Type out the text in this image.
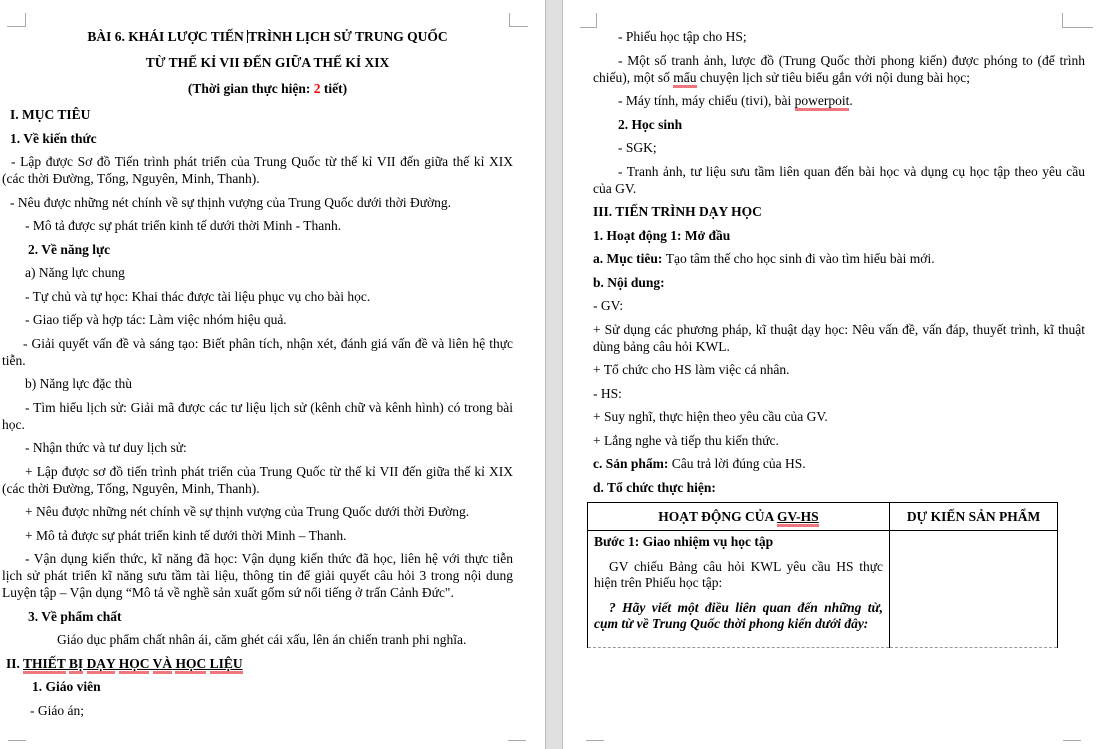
BÀI 6. KHÁI LƯỢC TIẾN TRÌNH LỊCH SỬ TRUNG QUỐC
TỪ THẾ KỈ VII ĐẾN GIỮA THẾ KỈ XIX
(Thời gian thực hiện: 2 tiết)
I. MỤC TIÊU
1. Về kiến thức
- Lập được Sơ đồ Tiến trình phát triển của Trung Quốc từ thế kỉ VII đến giữa thế kỉ XIX (các thời Đường, Tống, Nguyên, Minh, Thanh).
- Nêu được những nét chính về sự thịnh vượng của Trung Quốc dưới thời Đường.
- Mô tả được sự phát triển kinh tế dưới thời Minh - Thanh.
2. Về năng lực
a) Năng lực chung
- Tự chủ và tự học: Khai thác được tài liệu phục vụ cho bài học.
- Giao tiếp và hợp tác: Làm việc nhóm hiệu quả.
- Giải quyết vấn đề và sáng tạo: Biết phân tích, nhận xét, đánh giá vấn đề và liên hệ thực tiễn.
b) Năng lực đặc thù
- Tìm hiểu lịch sử: Giải mã được các tư liệu lịch sử (kênh chữ và kênh hình) có trong bài học.
- Nhận thức và tư duy lịch sử:
+ Lập được sơ đồ tiến trình phát triển của Trung Quốc từ thế kỉ VII đến giữa thế kỉ XIX (các thời Đường, Tống, Nguyên, Minh, Thanh).
+ Nêu được những nét chính về sự thịnh vượng của Trung Quốc dưới thời Đường.
+ Mô tả được sự phát triển kinh tế dưới thời Minh – Thanh.
- Vận dụng kiến thức, kĩ năng đã học: Vận dụng kiến thức đã học, liên hệ với thực tiễn lịch sử phát triển kĩ năng sưu tầm tài liệu, thông tin để giải quyết câu hỏi 3 trong nội dung Luyện tập – Vận dụng “Mô tả về nghề sản xuất gốm sứ nổi tiếng ở trấn Cảnh Đức".
3. Về phẩm chất
Giáo dục phẩm chất nhân ái, căm ghét cái xấu, lên án chiến tranh phi nghĩa.
II. THIẾT BỊ DẠY HỌC VÀ HỌC LIỆU
1. Giáo viên
- Giáo án;
- Phiếu học tập cho HS;
- Một số tranh ảnh, lược đồ (Trung Quốc thời phong kiến) được phóng to (để trình chiếu), một số mẩu chuyện lịch sử tiêu biểu gắn với nội dung bài học;
- Máy tính, máy chiếu (tivi), bài powerpoit.
2. Học sinh
- SGK;
- Tranh ảnh, tư liệu sưu tầm liên quan đến bài học và dụng cụ học tập theo yêu cầu của GV.
III. TIẾN TRÌNH DẠY HỌC
1. Hoạt động 1: Mở đầu
a. Mục tiêu: Tạo tâm thế cho học sinh đi vào tìm hiểu bài mới.
b. Nội dung:
- GV:
+ Sử dụng các phương pháp, kĩ thuật dạy học: Nêu vấn đề, vấn đáp, thuyết trình, kĩ thuật dùng bảng câu hỏi KWL.
+ Tổ chức cho HS làm việc cá nhân.
- HS:
+ Suy nghĩ, thực hiện theo yêu cầu của GV.
+ Lắng nghe và tiếp thu kiến thức.
c. Sản phẩm: Câu trả lời đúng của HS.
d. Tổ chức thực hiện:
HOẠT ĐỘNG CỦA GV-HS	DỰ KIẾN SẢN PHẨM

Bước 1: Giao nhiệm vụ học tập
GV chiếu Bảng câu hỏi KWL yêu cầu HS thực hiện trên Phiếu học tập:
? Hãy viết một điều liên quan đến những từ, cụm từ về Trung Quốc thời phong kiến dưới đây:	
